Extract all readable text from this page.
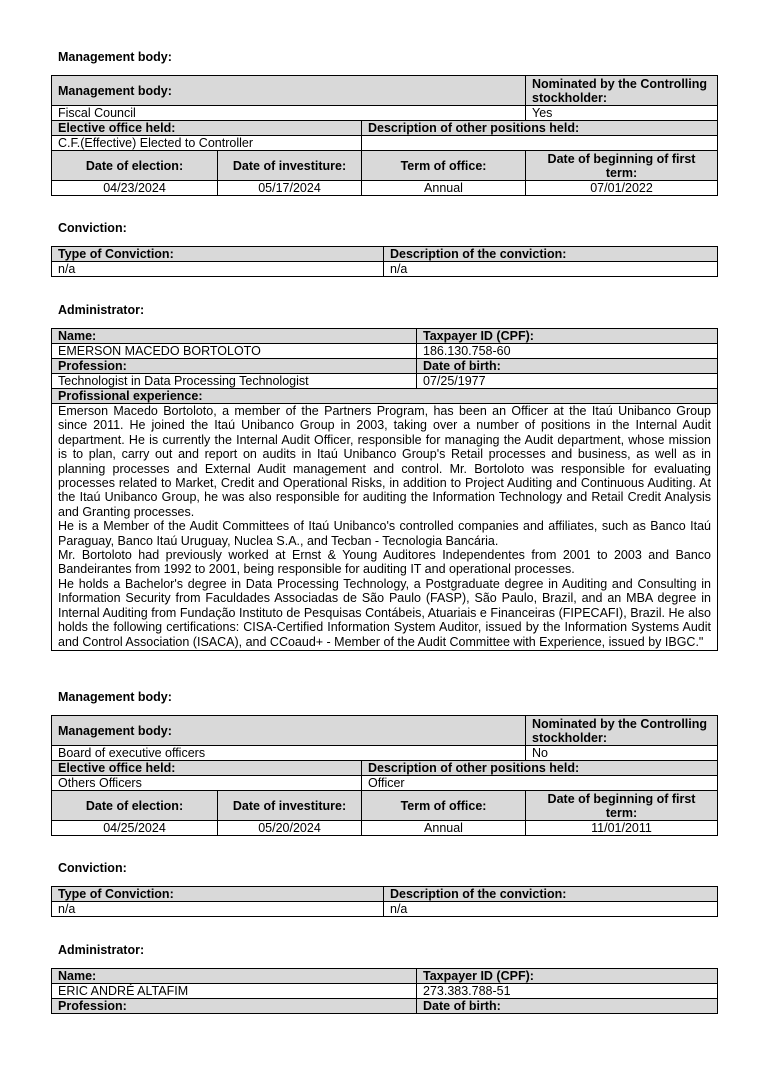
Management body:
Management body:			Nominated by the Controlling stockholder:
Fiscal Council			Yes
Elective office held:		Description of other positions held:	
C.F.(Effective) Elected to Controller			
Date of election:	Date of investiture:	Term of office:	Date of beginning of first term:
04/23/2024	05/17/2024	Annual	07/01/2022
Conviction:
Type of Conviction:	Description of the conviction:
n/a	n/a
Administrator:
Name:	Taxpayer ID (CPF):
EMERSON MACEDO BORTOLOTO	186.130.758-60
Profession:	Date of birth:
Technologist in Data Processing Technologist	07/25/1977
Profissional experience:	

Emerson Macedo Bortoloto, a member of the Partners Program, has been an Officer at the Itaú Unibanco Group since 2011. He joined the Itaú Unibanco Group in 2003, taking over a number of positions in the Internal Audit department. He is currently the Internal Audit Officer, responsible for managing the Audit department, whose mission is to plan, carry out and report on audits in Itaú Unibanco Group's Retail processes and business, as well as in planning processes and External Audit management and control. Mr. Bortoloto was responsible for evaluating processes related to Market, Credit and Operational Risks, in addition to Project Auditing and Continuous Auditing. At the Itaú Unibanco Group, he was also responsible for auditing the Information Technology and Retail Credit Analysis and Granting processes.
He is a Member of the Audit Committees of Itaú Unibanco's controlled companies and affiliates, such as Banco Itaú Paraguay, Banco Itaú Uruguay, Nuclea S.A., and Tecban - Tecnologia Bancária.
Mr. Bortoloto had previously worked at Ernst & Young Auditores Independentes from 2001 to 2003 and Banco Bandeirantes from 1992 to 2001, being responsible for auditing IT and operational processes.
He holds a Bachelor's degree in Data Processing Technology, a Postgraduate degree in Auditing and Consulting in Information Security from Faculdades Associadas de São Paulo (FASP), São Paulo, Brazil, and an MBA degree in Internal Auditing from Fundação Instituto de Pesquisas Contábeis, Atuariais e Financeiras (FIPECAFI), Brazil. He also holds the following certifications: CISA-Certified Information System Auditor, issued by the Information Systems Audit and Control Association (ISACA), and CCoaud+ - Member of the Audit Committee with Experience, issued by IBGC."	
Management body:
Management body:			Nominated by the Controlling stockholder:
Board of executive officers			No
Elective office held:		Description of other positions held:	
Others Officers		Officer	
Date of election:	Date of investiture:	Term of office:	Date of beginning of first term:
04/25/2024	05/20/2024	Annual	11/01/2011
Conviction:
Type of Conviction:	Description of the conviction:
n/a	n/a
Administrator:
Name:	Taxpayer ID (CPF):
ERIC ANDRÉ ALTAFIM	273.383.788-51
Profession:	Date of birth:
